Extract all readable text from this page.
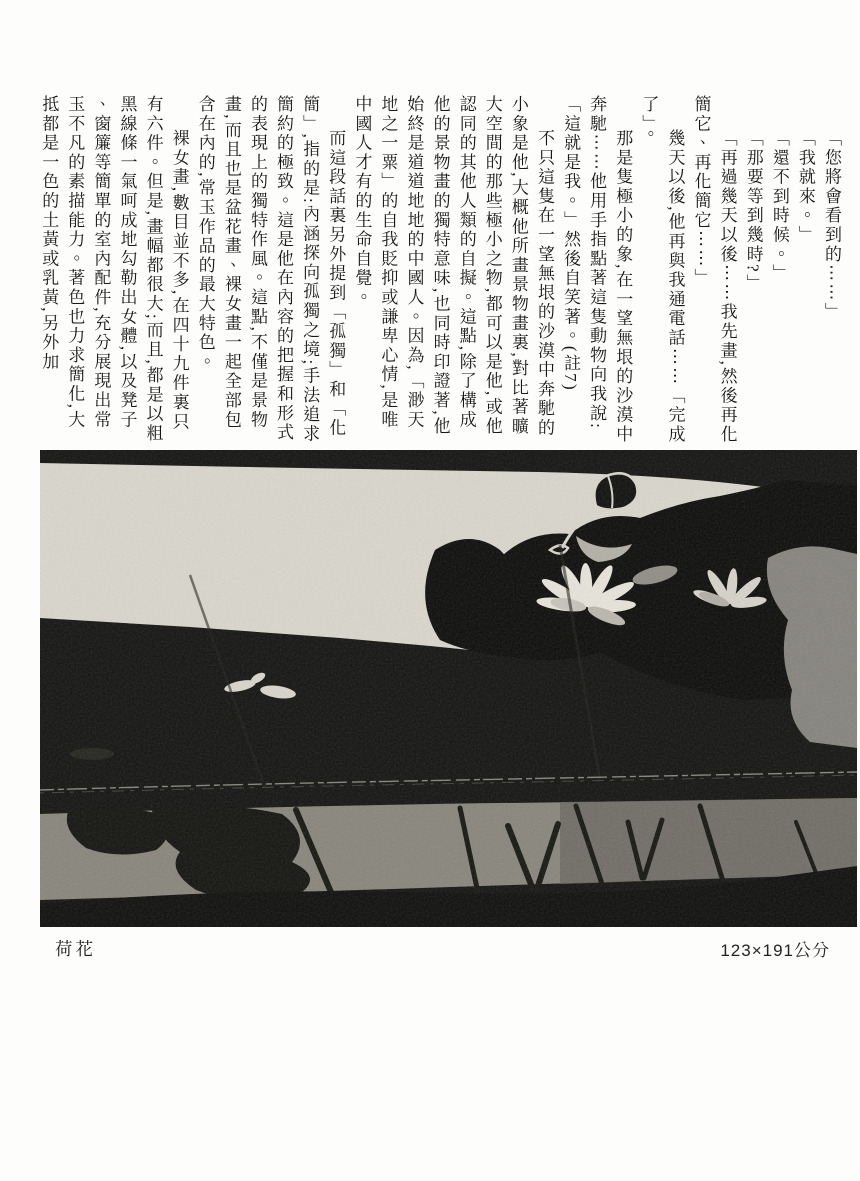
「您將會看到的⋯⋯」

「我就來。」

「還不到時候。」

「那要等到幾時?」

「再過幾天以後⋯⋯我先畫,然後再化簡它、再化簡它⋯⋯」

幾天以後,他再與我通電話⋯⋯「完成了」。

那是隻極小的象,在一望無垠的沙漠中奔馳⋯⋯他用手指點著這隻動物向我說:「這就是我。」然後自笑著。(註7)

不只這隻在一望無垠的沙漠中奔馳的小象是他,大概他所畫景物畫裏,對比著曠大空間的那些極小之物,都可以是他,或他認同的其他人類的自擬。這點,除了構成他的景物畫的獨特意味,也同時印證著,他始終是道道地地的中國人。因為,「渺天地之一粟」的自我貶抑或謙卑心情,是唯中國人才有的生命自覺。

而這段話裏另外提到「孤獨」和「化簡」,指的是:內涵探向孤獨之境;手法追求簡約的極致。這是他在內容的把握和形式的表現上的獨特作風。這點,不僅是景物畫,而且也是盆花畫、裸女畫一起全部包含在內的,常玉作品的最大特色。

裸女畫,數目並不多,在四十九件裏只有六件。但是,畫幅都很大;而且,都是以粗黑線條一氣呵成地勾勒出女體,以及凳子、窗簾等簡單的室內配件,充分展現出常玉不凡的素描能力。著色也力求簡化,大抵都是一色的土黃或乳黃,另外加

荷花	123×191公分
